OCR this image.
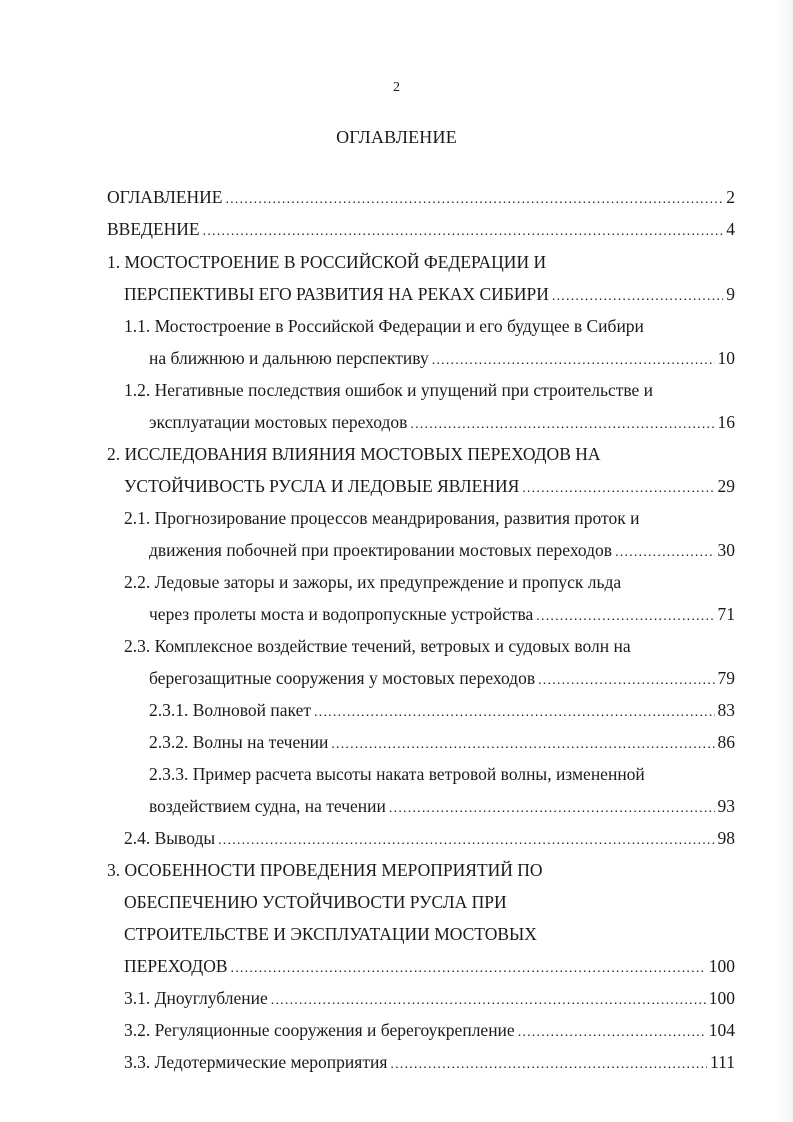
2
ОГЛАВЛЕНИЕ
ОГЛАВЛЕНИЕ .....	2
ВВЕДЕНИЕ .....	4
1. МОСТОСТРОЕНИЕ В РОССИЙСКОЙ ФЕДЕРАЦИИ И
ПЕРСПЕКТИВЫ ЕГО РАЗВИТИЯ НА РЕКАХ СИБИРИ .....	9
1.1. Мостостроение в Российской Федерации и его будущее в Сибири
на ближнюю и дальнюю перспективу .....	10
1.2. Негативные последствия ошибок и упущений при строительстве и
эксплуатации мостовых переходов .....	16
2. ИССЛЕДОВАНИЯ ВЛИЯНИЯ МОСТОВЫХ ПЕРЕХОДОВ НА
УСТОЙЧИВОСТЬ РУСЛА И ЛЕДОВЫЕ ЯВЛЕНИЯ .....	29
2.1. Прогнозирование процессов меандрирования, развития проток и
движения побочней при проектировании мостовых переходов .....	30
2.2. Ледовые заторы и зажоры, их предупреждение и пропуск льда
через пролеты моста и водопропускные устройства .....	71
2.3. Комплексное воздействие течений, ветровых и судовых волн на
берегозащитные сооружения у мостовых переходов .....	79
2.3.1. Волновой пакет .....	83
2.3.2. Волны на течении .....	86
2.3.3. Пример расчета высоты наката ветровой волны, измененной
воздействием судна, на течении .....	93
2.4. Выводы .....	98
3. ОСОБЕННОСТИ ПРОВЕДЕНИЯ МЕРОПРИЯТИЙ ПО
ОБЕСПЕЧЕНИЮ УСТОЙЧИВОСТИ РУСЛА ПРИ
СТРОИТЕЛЬСТВЕ И ЭКСПЛУАТАЦИИ МОСТОВЫХ
ПЕРЕХОДОВ .....	100
3.1. Дноуглубление .....	100
3.2. Регуляционные сооружения и берегоукрепление .....	104
3.3. Ледотермические мероприятия .....	111
